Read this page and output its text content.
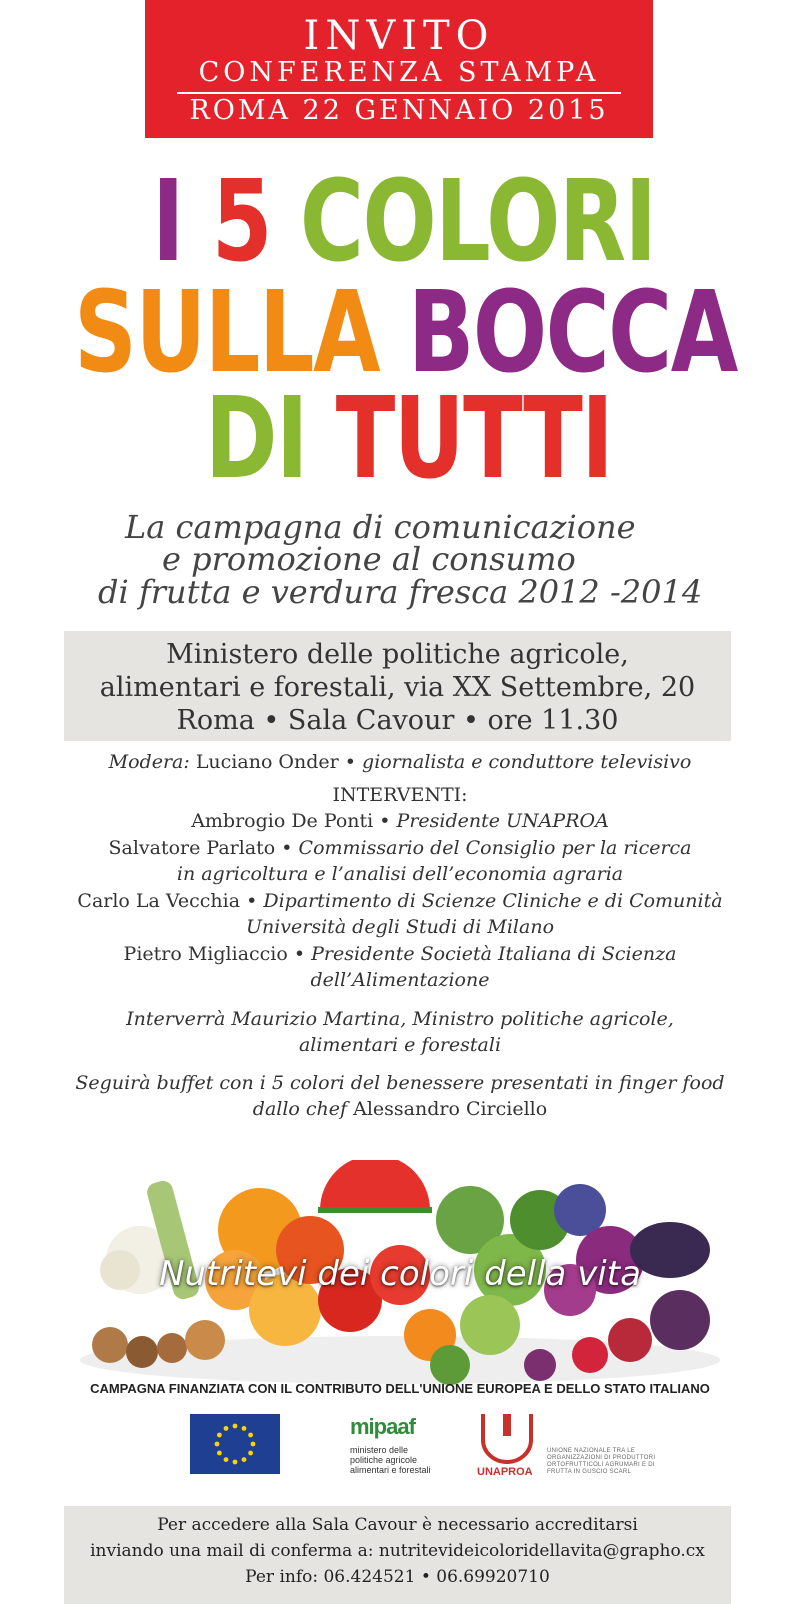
INVITO
CONFERENZA STAMPA
ROMA 22 GENNAIO 2015
I 5 COLORI
SULLA BOCCA
DI TUTTI
La campagna di comunicazione
e promozione al consumo
di frutta e verdura fresca 2012 -2014
Ministero delle politiche agricole,
alimentari e forestali, via XX Settembre, 20
Roma • Sala Cavour • ore 11.30
Modera: Luciano Onder • giornalista e conduttore televisivo
INTERVENTI:
Ambrogio De Ponti • Presidente UNAPROA
Salvatore Parlato • Commissario del Consiglio per la ricerca
in agricoltura e l’analisi dell’economia agraria
Carlo La Vecchia • Dipartimento di Scienze Cliniche e di Comunità
Università degli Studi di Milano
Pietro Migliaccio • Presidente Società Italiana di Scienza
dell’Alimentazione
Interverrà Maurizio Martina, Ministro politiche agricole,
alimentari e forestali
Seguirà buffet con i 5 colori del benessere presentati in finger food
dallo chef Alessandro Circiello
Nutritevi dei colori della vita
CAMPAGNA FINANZIATA CON IL CONTRIBUTO DELL'UNIONE EUROPEA E DELLO STATO ITALIANO
mipaaf
ministero delle
politiche agricole
alimentari e forestali	UNAPROA
UNIONE NAZIONALE TRA LE ORGANIZZAZIONI DI PRODUTTORI ORTOFRUTTICOLI AGRUMARI E DI FRUTTA IN GUSCIO SCARL
Per accedere alla Sala Cavour è necessario accreditarsi
inviando una mail di conferma a: nutritevideicoloridellavita@grapho.cx
Per info: 06.424521 • 06.69920710
